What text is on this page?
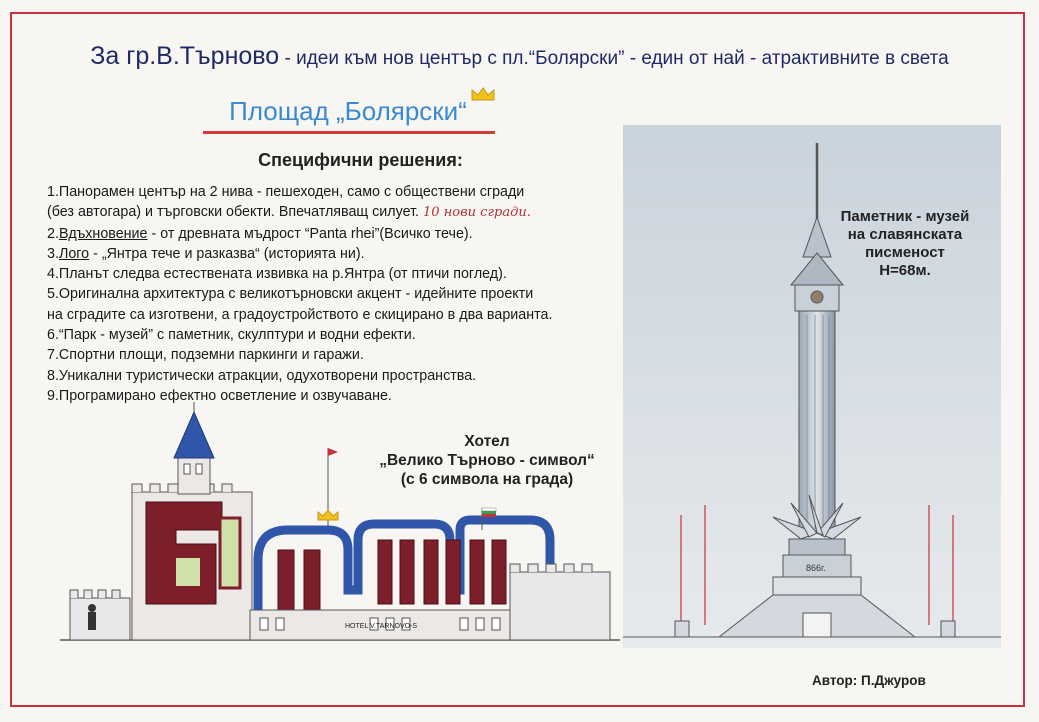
За гр.В.Търново - идеи към нов център с пл.“Болярски” - един от най - атрактивните в света
Площад „Болярски“
Специфични решения:
1.Панорамен център на 2 нива - пешеходен, само с обществени сгради
(без автогара) и търговски обекти. Впечатляващ силует. 10 нови сгради.
2.Вдъхновение - от древната мъдрост “Panta rhei”(Всичко тече).
3.Лого - „Янтра тече и разказва“ (историята ни).
4.Планът следва естествената извивка на р.Янтра (от птичи поглед).
5.Оригинална архитектура с великотърновски акцент - идейните проекти
на сградите са изготвени, а градоустройството е скицирано в два варианта.
6.“Парк - музей” с паметник, скулптури и водни ефекти.
7.Спортни площи, подземни паркинги и гаражи.
8.Уникални туристически атракции, одухотворени пространства.
9.Програмирано ефектно осветление и озвучаване.
HOTEL V.TARNOVO-S
Хотел
„Велико Търново - символ“
(с 6 символа на града)
866г.
Паметник - музей
на славянската
писменост
Н=68м.
Автор: П.Джуров
